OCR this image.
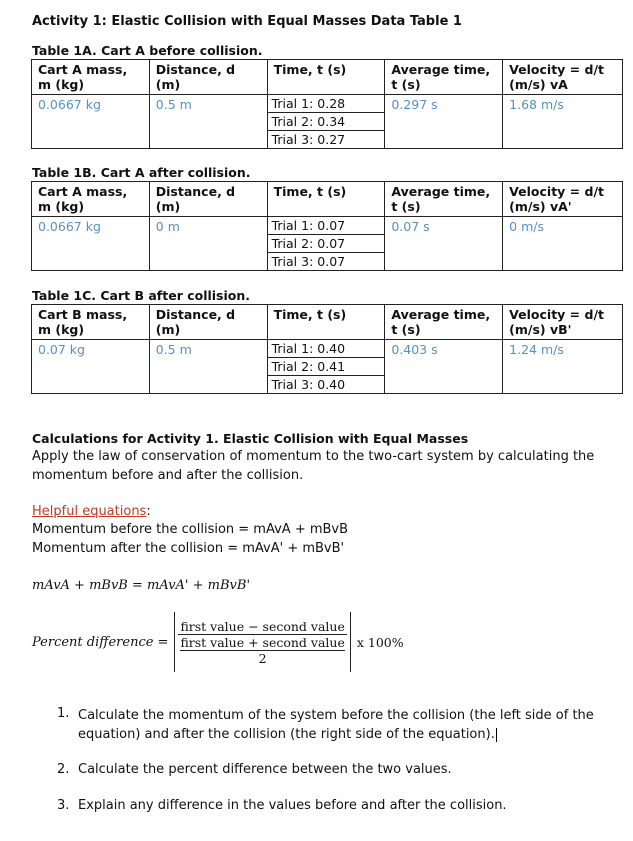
Activity 1: Elastic Collision with Equal Masses Data Table 1
Table 1A. Cart A before collision.
Cart A mass, m (kg)	Distance, d (m)	Time, t (s)	Average time, t (s)	Velocity = d/t (m/s) vA
0.0667 kg	0.5 m	Trial 1: 0.28
Trial 2: 0.34
Trial 3: 0.27	0.297 s	1.68 m/s
Table 1B. Cart A after collision.
Cart A mass, m (kg)	Distance, d (m)	Time, t (s)	Average time, t (s)	Velocity = d/t (m/s) vA'
0.0667 kg	0 m	Trial 1: 0.07
Trial 2: 0.07
Trial 3: 0.07	0.07 s	0 m/s
Table 1C. Cart B after collision.
Cart B mass, m (kg)	Distance, d (m)	Time, t (s)	Average time, t (s)	Velocity = d/t (m/s) vB'
0.07 kg	0.5 m	Trial 1: 0.40
Trial 2: 0.41
Trial 3: 0.40	0.403 s	1.24 m/s
Calculations for Activity 1. Elastic Collision with Equal Masses
Apply the law of conservation of momentum to the two-cart system by calculating the momentum before and after the collision.
Helpful equations:
Momentum before the collision = mAvA + mBvB
Momentum after the collision = mAvA' + mBvB'
mAvA + mBvB = mAvA' + mBvB'
Percent difference = first value − second value
first value + second value
2 x 100%
1. Calculate the momentum of the system before the collision (the left side of the equation) and after the collision (the right side of the equation).
2. Calculate the percent difference between the two values.
3. Explain any difference in the values before and after the collision.
